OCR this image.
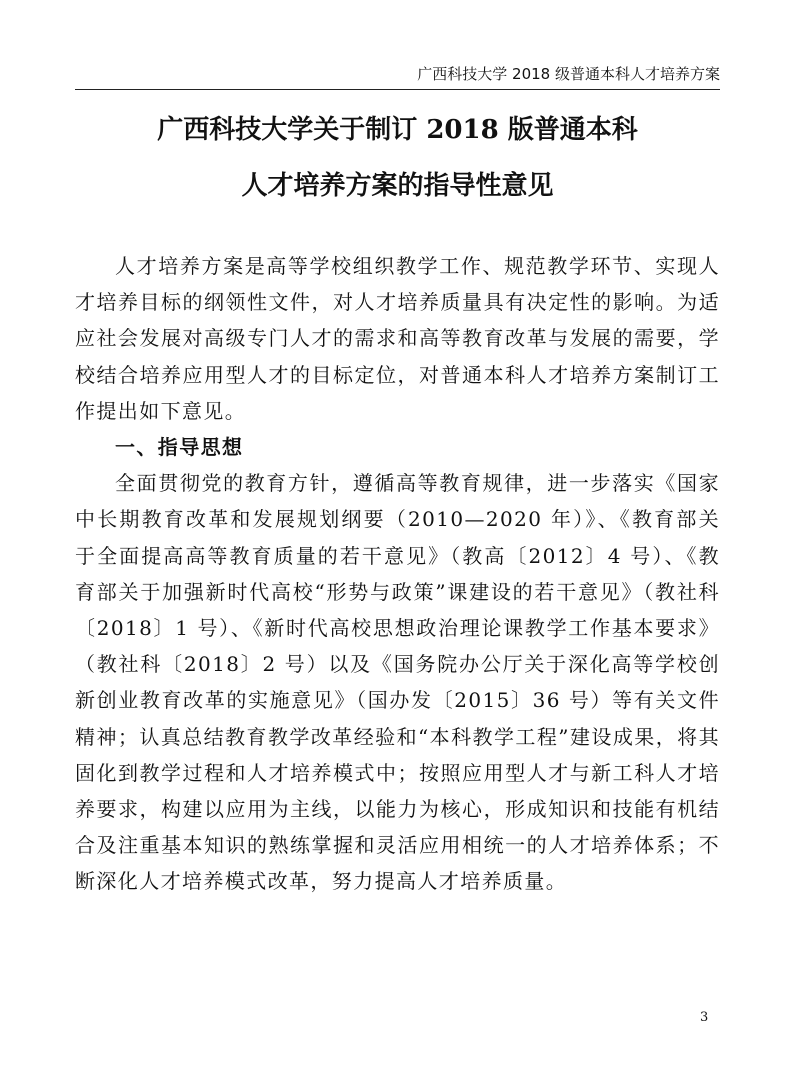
广西科技大学 2018 级普通本科人才培养方案
广西科技大学关于制订 2018 版普通本科
人才培养方案的指导性意见

人才培养方案是高等学校组织教学工作、规范教学环节、实现人才培养目标的纲领性文件，对人才培养质量具有决定性的影响。为适应社会发展对高级专门人才的需求和高等教育改革与发展的需要，学校结合培养应用型人才的目标定位，对普通本科人才培养方案制订工作提出如下意见。

一、指导思想

全面贯彻党的教育方针，遵循高等教育规律，进一步落实《国家中长期教育改革和发展规划纲要（2010—2020 年）》、《教育部关于全面提高高等教育质量的若干意见》（教高〔2012〕4 号）、《教育部关于加强新时代高校“形势与政策”课建设的若干意见》（教社科〔2018〕1 号）、《新时代高校思想政治理论课教学工作基本要求》（教社科〔2018〕2 号）以及《国务院办公厅关于深化高等学校创新创业教育改革的实施意见》（国办发〔2015〕36 号）等有关文件精神；认真总结教育教学改革经验和“本科教学工程”建设成果，将其固化到教学过程和人才培养模式中；按照应用型人才与新工科人才培养要求，构建以应用为主线，以能力为核心，形成知识和技能有机结合及注重基本知识的熟练掌握和灵活应用相统一的人才培养体系；不断深化人才培养模式改革，努力提高人才培养质量。

3
